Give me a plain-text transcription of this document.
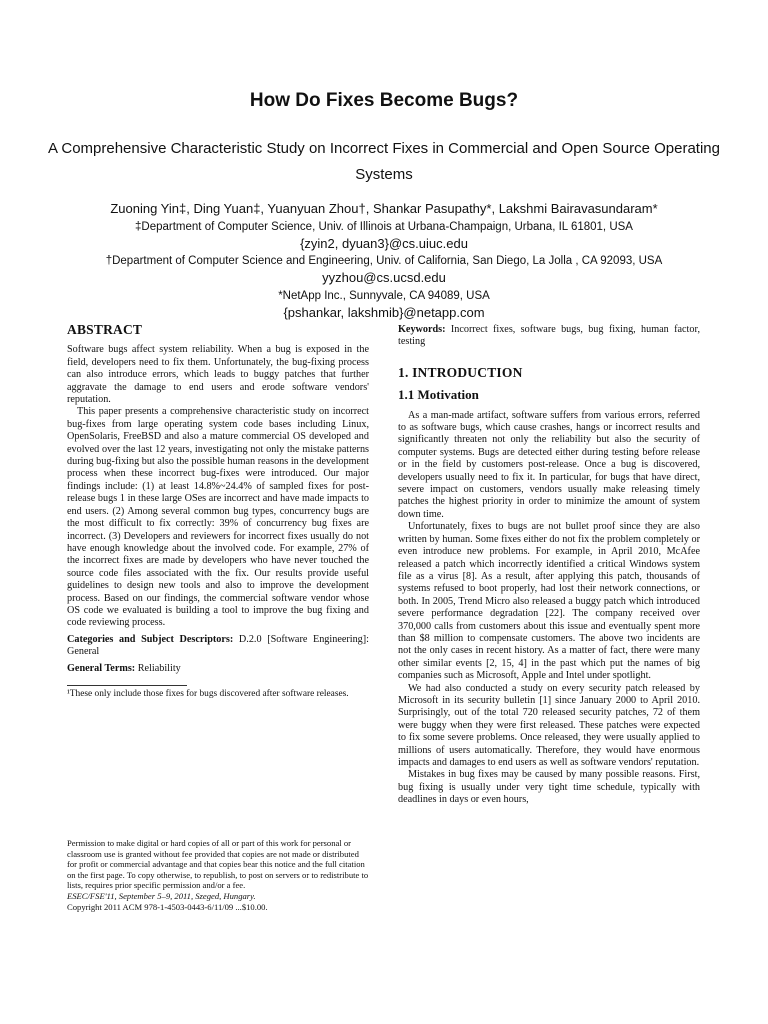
How Do Fixes Become Bugs?

A Comprehensive Characteristic Study on Incorrect Fixes in Commercial and Open Source Operating Systems

Zuoning Yin‡, Ding Yuan‡, Yuanyuan Zhou†, Shankar Pasupathy*, Lakshmi Bairavasundaram*
‡Department of Computer Science, Univ. of Illinois at Urbana-Champaign, Urbana, IL 61801, USA
{zyin2, dyuan3}@cs.uiuc.edu
†Department of Computer Science and Engineering, Univ. of California, San Diego, La Jolla , CA 92093, USA
yyzhou@cs.ucsd.edu
*NetApp Inc., Sunnyvale, CA 94089, USA
{pshankar, lakshmib}@netapp.com
ABSTRACT

Software bugs affect system reliability. When a bug is exposed in the field, developers need to fix them. Unfortunately, the bug-fixing process can also introduce errors, which leads to buggy patches that further aggravate the damage to end users and erode software vendors' reputation.

This paper presents a comprehensive characteristic study on incorrect bug-fixes from large operating system code bases including Linux, OpenSolaris, FreeBSD and also a mature commercial OS developed and evolved over the last 12 years, investigating not only the mistake patterns during bug-fixing but also the possible human reasons in the development process when these incorrect bug-fixes were introduced. Our major findings include: (1) at least 14.8%~24.4% of sampled fixes for post-release bugs 1 in these large OSes are incorrect and have made impacts to end users. (2) Among several common bug types, concurrency bugs are the most difficult to fix correctly: 39% of concurrency bug fixes are incorrect. (3) Developers and reviewers for incorrect fixes usually do not have enough knowledge about the involved code. For example, 27% of the incorrect fixes are made by developers who have never touched the source code files associated with the fix. Our results provide useful guidelines to design new tools and also to improve the development process. Based on our findings, the commercial software vendor whose OS code we evaluated is building a tool to improve the bug fixing and code reviewing process.

Categories and Subject Descriptors: D.2.0 [Software Engineering]: General
General Terms: Reliability
¹These only include those fixes for bugs discovered after software releases.
Permission to make digital or hard copies of all or part of this work for personal or classroom use is granted without fee provided that copies are not made or distributed for profit or commercial advantage and that copies bear this notice and the full citation on the first page. To copy otherwise, to republish, to post on servers or to redistribute to lists, requires prior specific permission and/or a fee.
ESEC/FSE'11, September 5–9, 2011, Szeged, Hungary.
Copyright 2011 ACM 978-1-4503-0443-6/11/09 ...$10.00.
Keywords: Incorrect fixes, software bugs, bug fixing, human factor, testing
1. INTRODUCTION
1.1 Motivation

As a man-made artifact, software suffers from various errors, referred to as software bugs, which cause crashes, hangs or incorrect results and significantly threaten not only the reliability but also the security of computer systems. Bugs are detected either during testing before release or in the field by customers post-release. Once a bug is discovered, developers usually need to fix it. In particular, for bugs that have direct, severe impact on customers, vendors usually make releasing timely patches the highest priority in order to minimize the amount of system down time.

Unfortunately, fixes to bugs are not bullet proof since they are also written by human. Some fixes either do not fix the problem completely or even introduce new problems. For example, in April 2010, McAfee released a patch which incorrectly identified a critical Windows system file as a virus [8]. As a result, after applying this patch, thousands of systems refused to boot properly, had lost their network connections, or both. In 2005, Trend Micro also released a buggy patch which introduced severe performance degradation [22]. The company received over 370,000 calls from customers about this issue and eventually spent more than $8 million to compensate customers. The above two incidents are not the only cases in recent history. As a matter of fact, there were many other similar events [2, 15, 4] in the past which put the names of big companies such as Microsoft, Apple and Intel under spotlight.

We had also conducted a study on every security patch released by Microsoft in its security bulletin [1] since January 2000 to April 2010. Surprisingly, out of the total 720 released security patches, 72 of them were buggy when they were first released. These patches were expected to fix some severe problems. Once released, they were usually applied to millions of users automatically. Therefore, they would have enormous impacts and damages to end users as well as software vendors' reputation.

Mistakes in bug fixes may be caused by many possible reasons. First, bug fixing is usually under very tight time schedule, typically with deadlines in days or even hours,
